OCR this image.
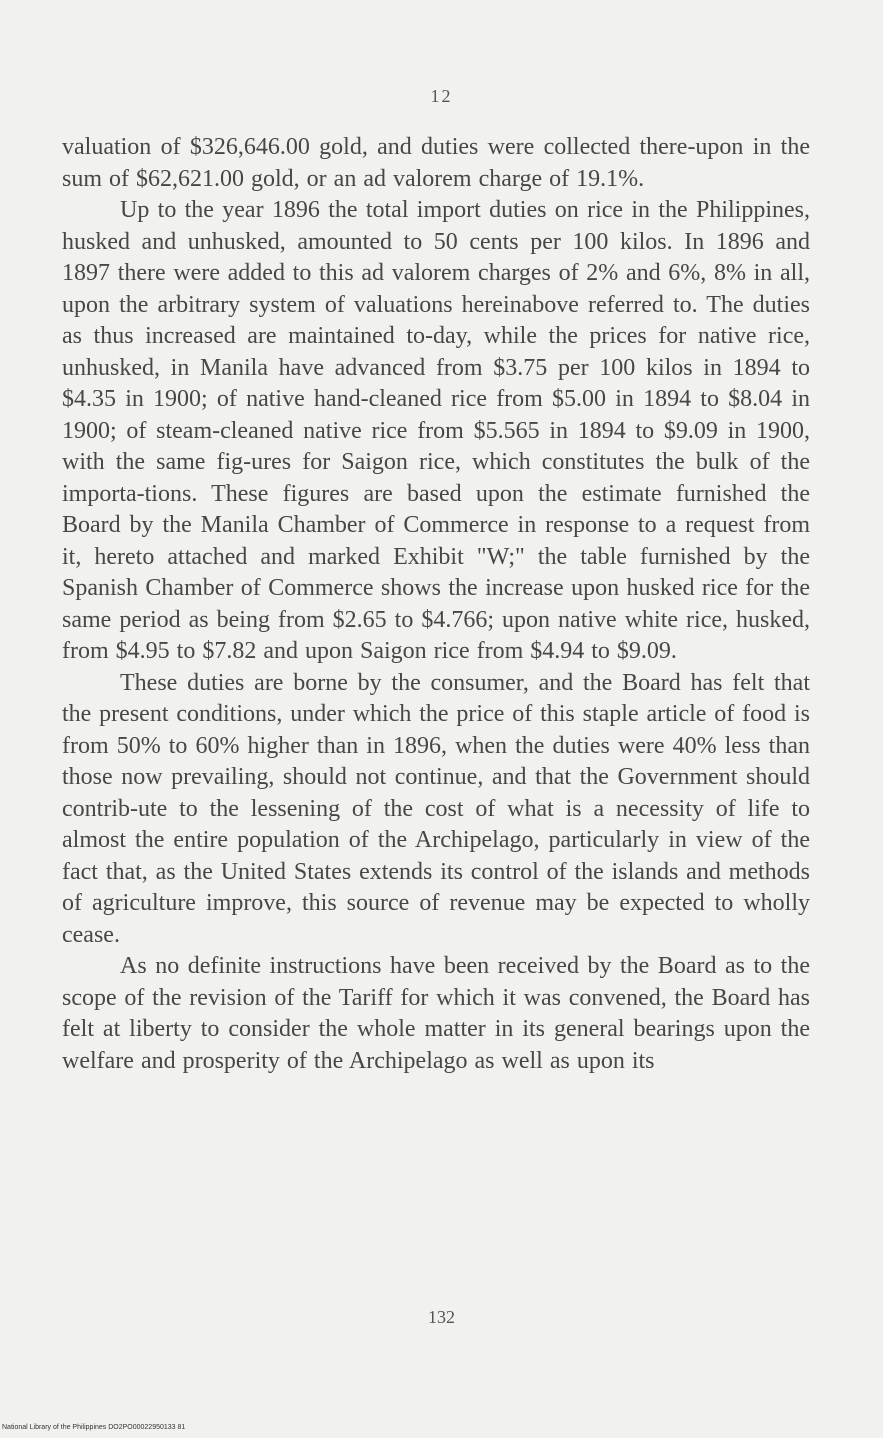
12

valuation of $326,646.00 gold, and duties were collected there-upon in the sum of $62,621.00 gold, or an ad valorem charge of 19.1%.

Up to the year 1896 the total import duties on rice in the Philippines, husked and unhusked, amounted to 50 cents per 100 kilos. In 1896 and 1897 there were added to this ad valorem charges of 2% and 6%, 8% in all, upon the arbitrary system of valuations hereinabove referred to. The duties as thus increased are maintained to-day, while the prices for native rice, unhusked, in Manila have advanced from $3.75 per 100 kilos in 1894 to $4.35 in 1900; of native hand-cleaned rice from $5.00 in 1894 to $8.04 in 1900; of steam-cleaned native rice from $5.565 in 1894 to $9.09 in 1900, with the same fig-ures for Saigon rice, which constitutes the bulk of the importa-tions. These figures are based upon the estimate furnished the Board by the Manila Chamber of Commerce in response to a request from it, hereto attached and marked Exhibit "W;" the table furnished by the Spanish Chamber of Commerce shows the increase upon husked rice for the same period as being from $2.65 to $4.766; upon native white rice, husked, from $4.95 to $7.82 and upon Saigon rice from $4.94 to $9.09.

These duties are borne by the consumer, and the Board has felt that the present conditions, under which the price of this staple article of food is from 50% to 60% higher than in 1896, when the duties were 40% less than those now prevailing, should not continue, and that the Government should contrib-ute to the lessening of the cost of what is a necessity of life to almost the entire population of the Archipelago, particularly in view of the fact that, as the United States extends its control of the islands and methods of agriculture improve, this source of revenue may be expected to wholly cease.

As no definite instructions have been received by the Board as to the scope of the revision of the Tariff for which it was convened, the Board has felt at liberty to consider the whole matter in its general bearings upon the welfare and prosperity of the Archipelago as well as upon its

132
National Library of the Philippines DO2PO00022950133 81
